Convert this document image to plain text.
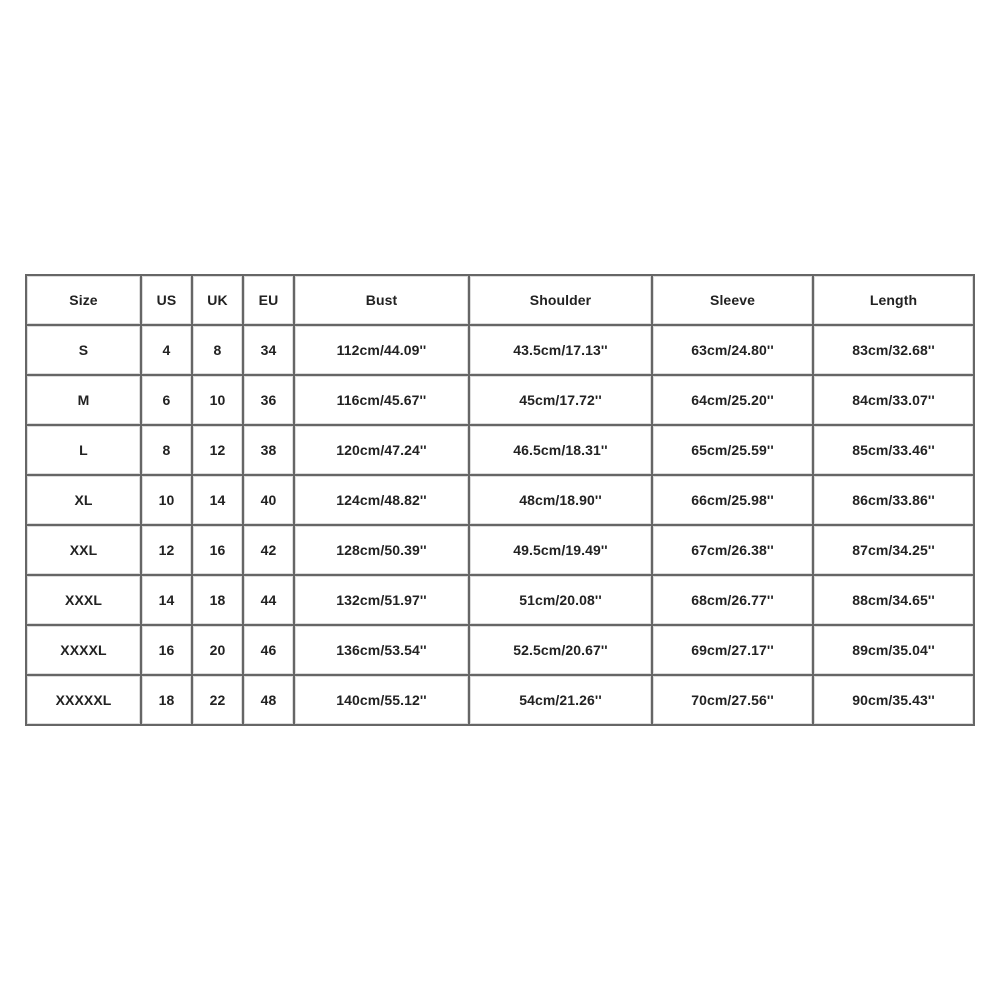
Size	US	UK	EU	Bust	Shoulder	Sleeve	Length
S	4	8	34	112cm/44.09''	43.5cm/17.13''	63cm/24.80''	83cm/32.68''
M	6	10	36	116cm/45.67''	45cm/17.72''	64cm/25.20''	84cm/33.07''
L	8	12	38	120cm/47.24''	46.5cm/18.31''	65cm/25.59''	85cm/33.46''
XL	10	14	40	124cm/48.82''	48cm/18.90''	66cm/25.98''	86cm/33.86''
XXL	12	16	42	128cm/50.39''	49.5cm/19.49''	67cm/26.38''	87cm/34.25''
XXXL	14	18	44	132cm/51.97''	51cm/20.08''	68cm/26.77''	88cm/34.65''
XXXXL	16	20	46	136cm/53.54''	52.5cm/20.67''	69cm/27.17''	89cm/35.04''
XXXXXL	18	22	48	140cm/55.12''	54cm/21.26''	70cm/27.56''	90cm/35.43''
